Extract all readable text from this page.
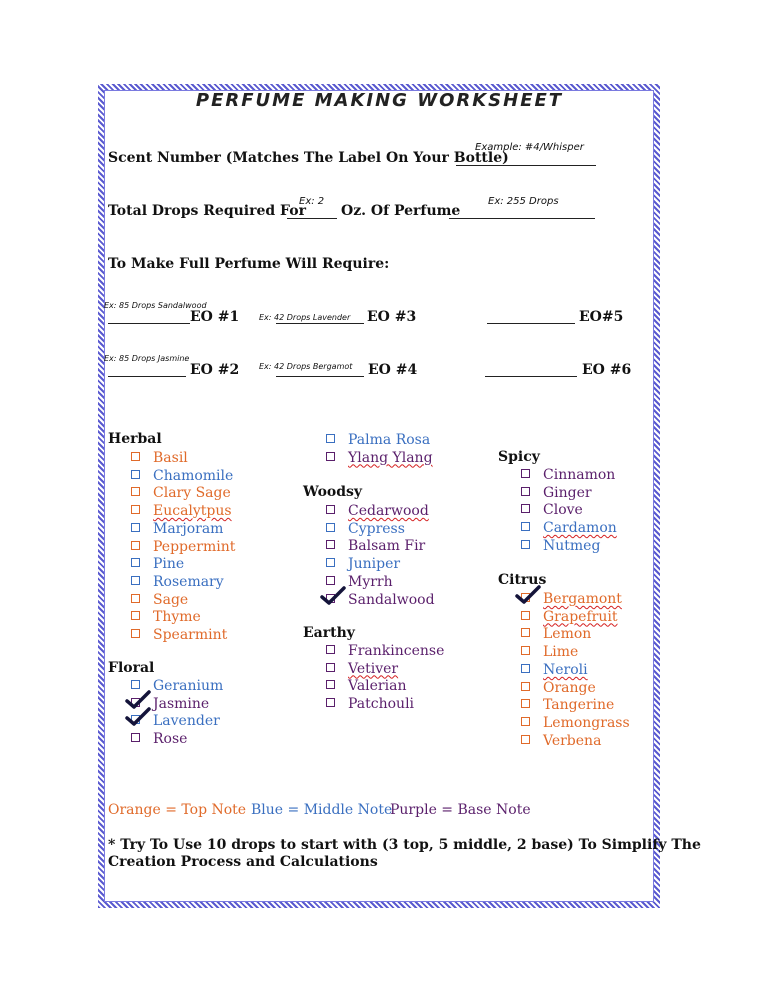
PERFUME MAKING WORKSHEET
Example: #4/Whisper
Scent Number (Matches The Label On Your Bottle)
Ex: 2	Ex: 255 Drops
Total Drops Required For	Oz. Of Perfume
To Make Full Perfume Will Require:
Ex: 85 Drops Sandalwood
EO #1 Ex: 42 Drops Lavender EO #3	EO#5
Ex: 85 Drops Jasmine
EO #2 Ex: 42 Drops Bergamot EO #4	EO #6
Herbal
Floral
Woodsy
Earthy
Spicy
Citrus
Basil
Chamomile
Clary Sage
Eucalytpus
Marjoram
Peppermint
Pine
Rosemary
Sage
Thyme
Spearmint
Geranium
Jasmine
Lavender
Rose
Palma Rosa
Ylang Ylang
Cedarwood
Cypress
Balsam Fir
Juniper
Myrrh
Sandalwood
Frankincense
Vetiver
Valerian
Patchouli
Cinnamon
Ginger
Clove
Cardamon
Nutmeg
Bergamont
Grapefruit
Lemon
Lime
Neroli
Orange
Tangerine
Lemongrass
Verbena
Orange = Top Note Blue = Middle Note
Purple = Base Note
* Try To Use 10 drops to start with (3 top, 5 middle, 2 base) To Simplify The
Creation Process and Calculations
